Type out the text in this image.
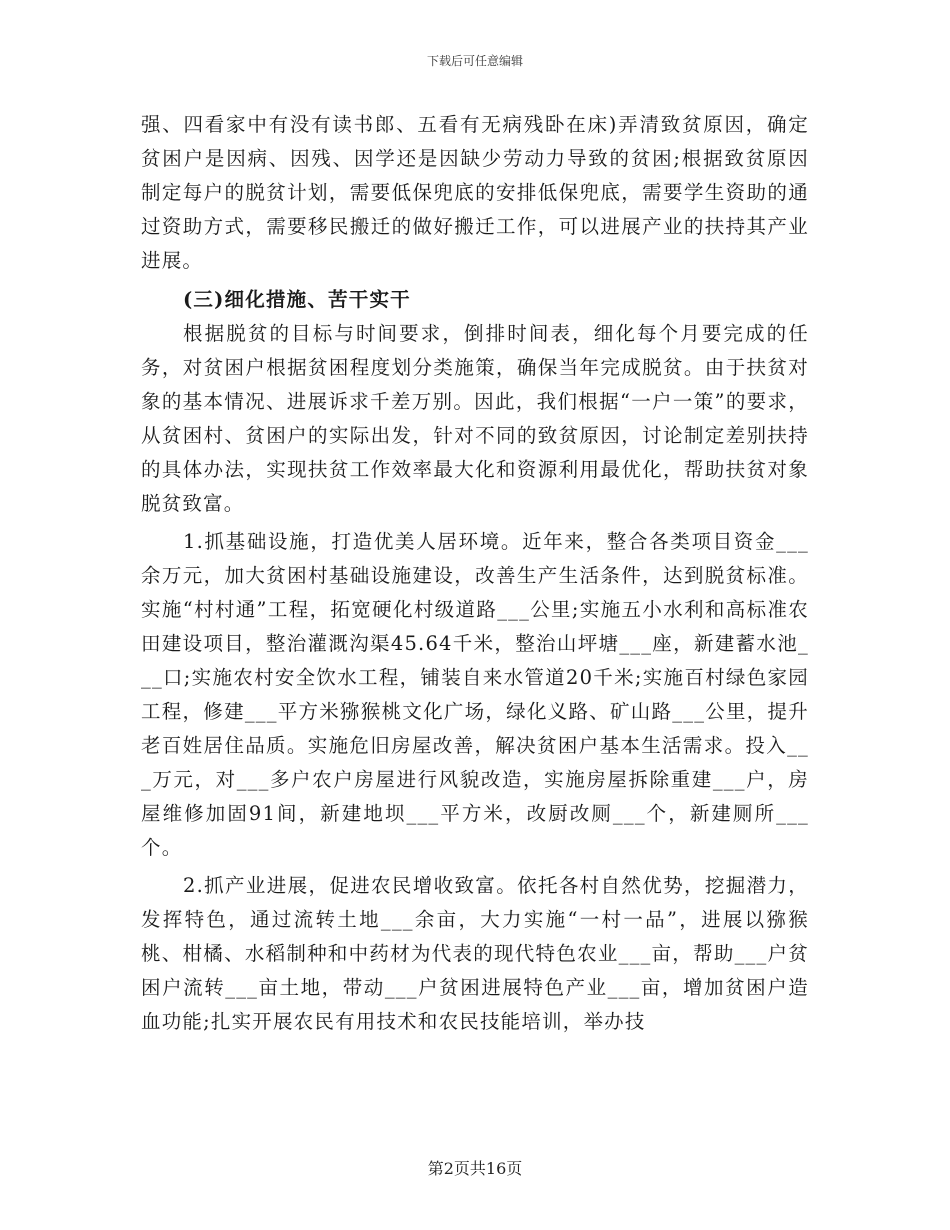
下载后可任意编辑

强、四看家中有没有读书郎、五看有无病残卧在床)弄清致贫原因，确定贫困户是因病、因残、因学还是因缺少劳动力导致的贫困;根据致贫原因制定每户的脱贫计划，需要低保兜底的安排低保兜底，需要学生资助的通过资助方式，需要移民搬迁的做好搬迁工作，可以进展产业的扶持其产业进展。

(三)细化措施、苦干实干

根据脱贫的目标与时间要求，倒排时间表，细化每个月要完成的任务，对贫困户根据贫困程度划分类施策，确保当年完成脱贫。由于扶贫对象的基本情况、进展诉求千差万别。因此，我们根据“一户一策”的要求，从贫困村、贫困户的实际出发，针对不同的致贫原因，讨论制定差别扶持的具体办法，实现扶贫工作效率最大化和资源利用最优化，帮助扶贫对象脱贫致富。

1.抓基础设施，打造优美人居环境。近年来，整合各类项目资金___余万元，加大贫困村基础设施建设，改善生产生活条件，达到脱贫标准。实施“村村通”工程，拓宽硬化村级道路___公里;实施五小水利和高标准农田建设项目，整治灌溉沟渠45.64千米，整治山坪塘___座，新建蓄水池___口;实施农村安全饮水工程，铺装自来水管道20千米;实施百村绿色家园工程，修建___平方米猕猴桃文化广场，绿化义路、矿山路___公里，提升老百姓居住品质。实施危旧房屋改善，解决贫困户基本生活需求。投入___万元，对___多户农户房屋进行风貌改造，实施房屋拆除重建___户，房屋维修加固91间，新建地坝___平方米，改厨改厕___个，新建厕所___个。

2.抓产业进展，促进农民增收致富。依托各村自然优势，挖掘潜力，发挥特色，通过流转土地___余亩，大力实施“一村一品”，进展以猕猴桃、柑橘、水稻制种和中药材为代表的现代特色农业___亩，帮助___户贫困户流转___亩土地，带动___户贫困进展特色产业___亩，增加贫困户造血功能;扎实开展农民有用技术和农民技能培训，举办技

第2页共16页
